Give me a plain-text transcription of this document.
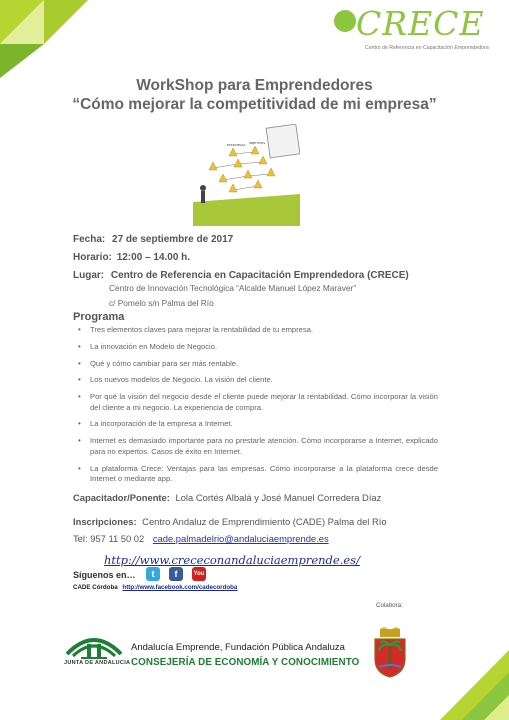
CRECE
Centro de Referencia en Capacitación Emprendedora
WorkShop para Emprendedores
“Cómo mejorar la competitividad de mi empresa”
ESTRATEGIA	OBJETIVOS
Fecha: 27 de septiembre de 2017
Horario: 12:00 – 14.00 h.
Lugar: Centro de Referencia en Capacitación Emprendedora (CRECE)
Centro de Innovación Tecnológica “Alcalde Manuel López Maraver”
c/ Pomelo s/n Palma del Río
Programa
• Tres elementos claves para mejorar la rentabilidad de tu empresa.
• La innovación en Modelo de Negocio.
• Qué y cómo cambiar para ser más rentable.
• Los nuevos modelos de Negocio. La visión del cliente.
• Por qué la visión del negocio desde el cliente puede mejorar la rentabilidad. Cómo incorporar la visión del cliente a mi negocio. La experiencia de compra.
• La incorporación de la empresa a Internet.
• Internet es demasiado importante para no prestarle atención. Cómo incorporarse a Internet, explicado para no expertos. Casos de éxito en Internet.
• La plataforma Crece: Ventajas para las empresas. Cómo incorporarse a la plataforma crece desde Internet o mediante app.
Capacitador/Ponente: Lola Cortés Albalá y José Manuel Corredera Díaz
Inscripciones: Centro Andaluz de Emprendimiento (CADE) Palma del Río
Tel: 957 11 50 02 cade.palmadelrio@andaluciaemprende.es
http://www.crececonandaluciaemprende.es/
Síguenos en…	t	f	You
CADE Córdoba http://www.facebook.com/cadecordoba
Colabora:
JUNTA DE ANDALUCIA
Andalucía Emprende, Fundación Pública Andaluza
CONSEJERÍA DE ECONOMÍA Y CONOCIMIENTO
